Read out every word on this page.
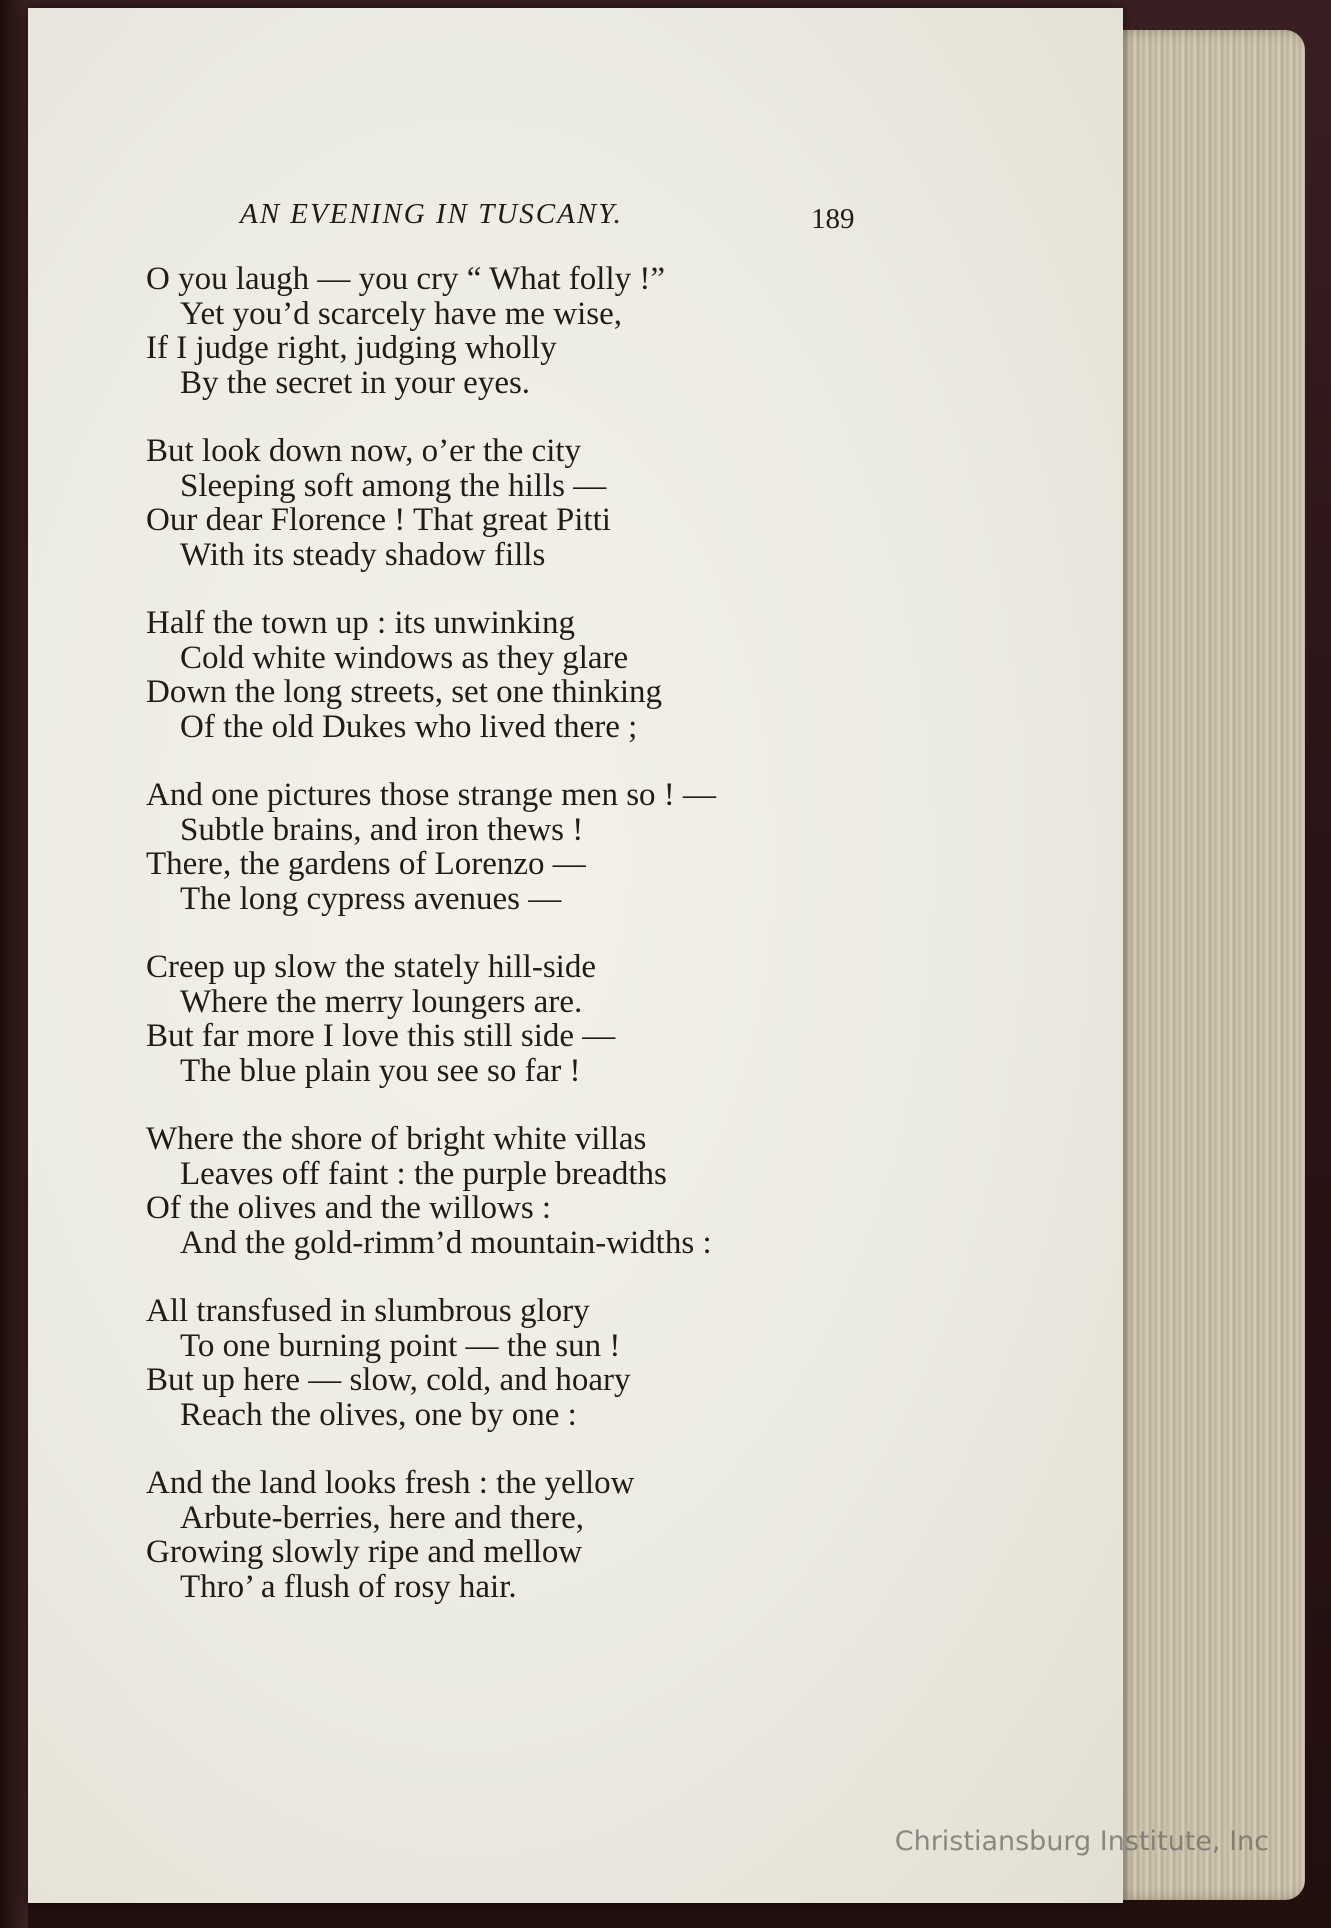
AN EVENING IN TUSCANY.	189
O you laugh — you cry “ What folly !”
Yet you’d scarcely have me wise,
If I judge right, judging wholly
By the secret in your eyes.
But look down now, o’er the city
Sleeping soft among the hills —
Our dear Florence ! That great Pitti
With its steady shadow fills
Half the town up : its unwinking
Cold white windows as they glare
Down the long streets, set one thinking
Of the old Dukes who lived there ;
And one pictures those strange men so ! —
Subtle brains, and iron thews !
There, the gardens of Lorenzo —
The long cypress avenues —
Creep up slow the stately hill-side
Where the merry loungers are.
But far more I love this still side —
The blue plain you see so far !
Where the shore of bright white villas
Leaves off faint : the purple breadths
Of the olives and the willows :
And the gold-rimm’d mountain-widths :
All transfused in slumbrous glory
To one burning point — the sun !
But up here — slow, cold, and hoary
Reach the olives, one by one :
And the land looks fresh : the yellow
Arbute-berries, here and there,
Growing slowly ripe and mellow
Thro’ a flush of rosy hair.
Christiansburg Institute, Inc
